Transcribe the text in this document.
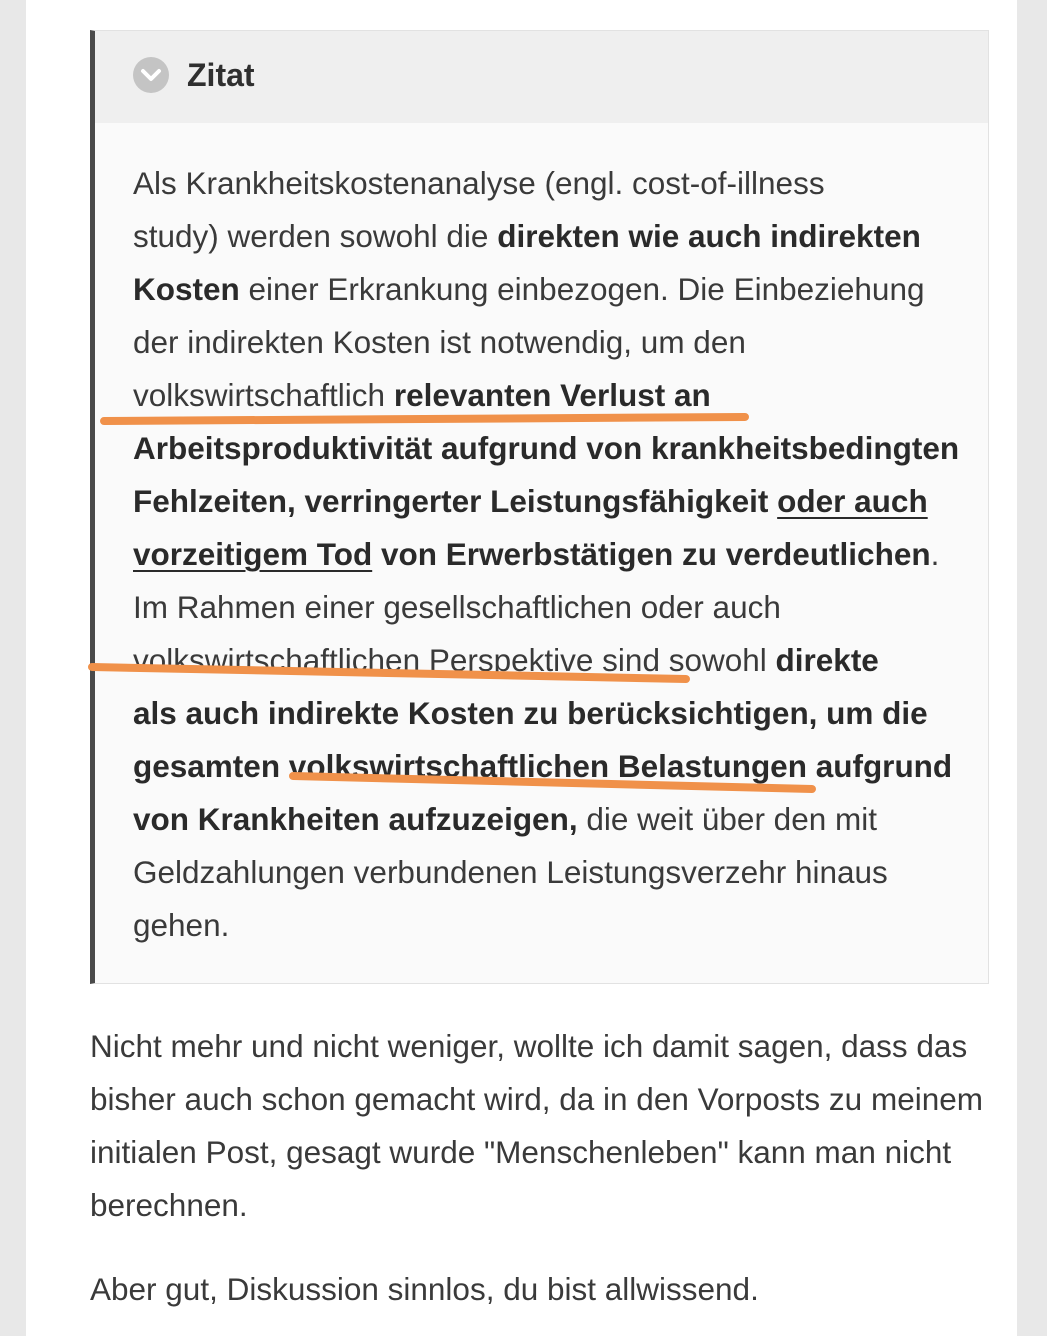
Zitat
Als Krankheitskostenanalyse (engl. cost-of-illness
study) werden sowohl die direkten wie auch indirekten
Kosten einer Erkrankung einbezogen. Die Einbeziehung
der indirekten Kosten ist notwendig, um den
volkswirtschaftlich relevanten Verlust an
Arbeitsproduktivität aufgrund von krankheitsbedingten
Fehlzeiten, verringerter Leistungsfähigkeit oder auch
vorzeitigem Tod von Erwerbstätigen zu verdeutlichen.
Im Rahmen einer gesellschaftlichen oder auch
volkswirtschaftlichen Perspektive sind sowohl direkte
als auch indirekte Kosten zu berücksichtigen, um die
gesamten volkswirtschaftlichen Belastungen aufgrund
von Krankheiten aufzuzeigen, die weit über den mit
Geldzahlungen verbundenen Leistungsverzehr hinaus
gehen.

Nicht mehr und nicht weniger, wollte ich damit sagen, dass das bisher auch schon gemacht wird, da in den Vorposts zu meinem initialen Post, gesagt wurde "Menschenleben" kann man nicht berechnen.

Aber gut, Diskussion sinnlos, du bist allwissend.
